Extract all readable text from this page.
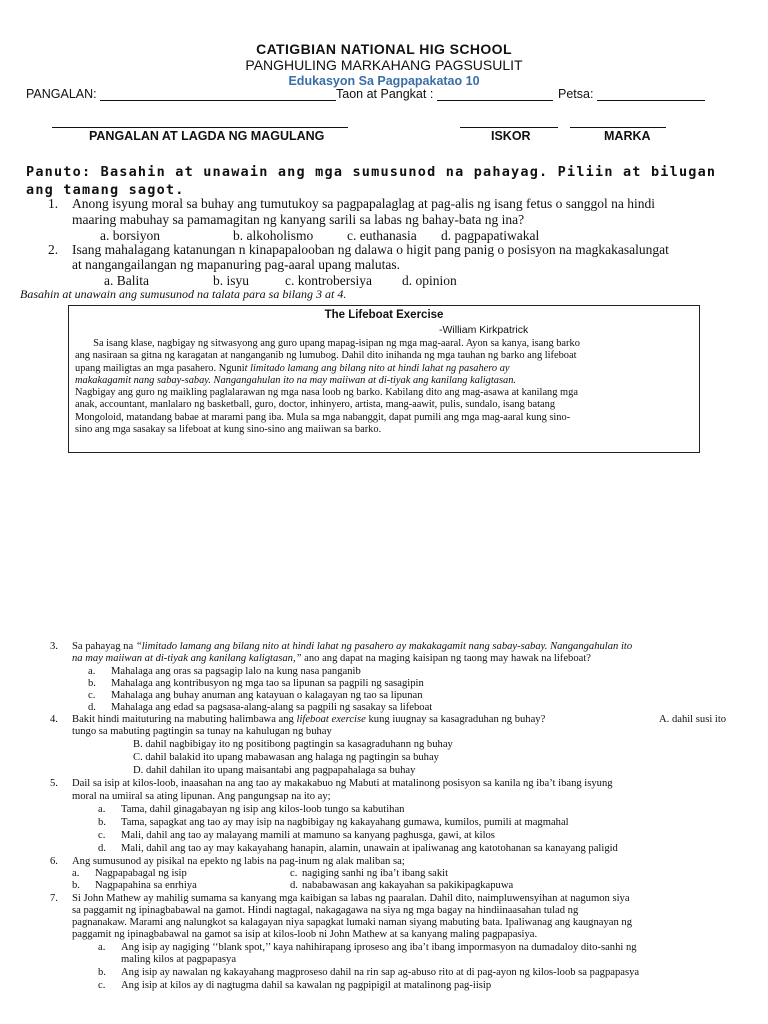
CATIGBIAN NATIONAL HIG SCHOOL
PANGHULING MARKAHANG PAGSUSULIT
Edukasyon Sa Pagpapakatao 10
PANGALAN:	Taon at Pangkat :	Petsa:
PANGALAN AT LAGDA NG MAGULANG	ISKOR	MARKA
Panuto: Basahin at unawain ang mga sumusunod na pahayag. Piliin at bilugan ang tamang sagot.
1. Anong isyung moral sa buhay ang tumutukoy sa pagpapalaglag at pag-alis ng isang fetus o sanggol na hindi
maaring mabuhay sa pamamagitan ng kanyang sarili sa labas ng bahay-bata ng ina?
a. borsiyon	b. alkoholismo	c. euthanasia d. pagpapatiwakal
2. Isang mahalagang katanungan n kinapapalooban ng dalawa o higit pang panig o posisyon na magkakasalungat
at nangangailangan ng mapanuring pag-aaral upang malutas.
a. Balita	b. isyu	c. kontrobersiya d. opinion
Basahin at unawain ang sumusunod na talata para sa bilang 3 at 4.
The Lifeboat Exercise
-William Kirkpatrick
Sa isang klase, nagbigay ng sitwasyong ang guro upang mapag-isipan ng mga mag-aaral. Ayon sa kanya, isang barko
ang nasiraan sa gitna ng karagatan at nanganganib ng lumubog. Dahil dito inihanda ng mga tauhan ng barko ang lifeboat
upang mailigtas an mga pasahero. Ngunit limitado lamang ang bilang nito at hindi lahat ng pasahero ay
makakagamit nang sabay-sabay. Nangangahulan ito na may maiiwan at di-tiyak ang kanilang kaligtasan.
Nagbigay ang guro ng maikling paglalarawan ng mga nasa loob ng barko. Kabilang dito ang mag-asawa at kanilang mga
anak, accountant, manlalaro ng basketball, guro, doctor, inhinyero, artista, mang-aawit, pulis, sundalo, isang batang
Mongoloid, matandang babae at marami pang iba. Mula sa mga nabanggit, dapat pumili ang mga mag-aaral kung sino-
sino ang mga sasakay sa lifeboat at kung sino-sino ang maiiwan sa barko.
3. Sa pahayag na “limitado lamang ang bilang nito at hindi lahat ng pasahero ay makakagamit nang sabay-sabay. Nangangahulan ito
na may maiiwan at di-tiyak ang kanilang kaligtasan,” ano ang dapat na maging kaisipan ng taong may hawak na lifeboat?
a. Mahalaga ang oras sa pagsagip lalo na kung nasa panganib
b. Mahalaga ang kontribusyon ng mga tao sa lipunan sa pagpili ng sasagipin
c. Mahalaga ang buhay anuman ang katayuan o kalagayan ng tao sa lipunan
d. Mahalaga ang edad sa pagsasa-alang-alang sa pagpili ng sasakay sa lifeboat
4. Bakit hindi maituturing na mabuting halimbawa ang lifeboat exercise kung iuugnay sa kasagraduhan ng buhay?	A. dahil susi ito
tungo sa mabuting pagtingin sa tunay na kahulugan ng buhay
B. dahil nagbibigay ito ng positibong pagtingin sa kasagraduhann ng buhay
C. dahil balakid ito upang mabawasan ang halaga ng pagtingin sa buhay
D. dahil dahilan ito upang maisantabi ang pagpapahalaga sa buhay
5. Dail sa isip at kilos-loob, inaasahan na ang tao ay makakabuo ng Mabuti at matalinong posisyon sa kanila ng iba’t ibang isyung
moral na umiiral sa ating lipunan. Ang pangungsap na ito ay;
a. Tama, dahil ginagabayan ng isip ang kilos-loob tungo sa kabutihan
b. Tama, sapagkat ang tao ay may isip na nagbibigay ng kakayahang gumawa, kumilos, pumili at magmahal
c. Mali, dahil ang tao ay malayang mamili at mamuno sa kanyang paghusga, gawi, at kilos
d. Mali, dahil ang tao ay may kakayahang hanapin, alamin, unawain at ipaliwanag ang katotohanan sa kanayang paligid
6. Ang sumusunod ay pisikal na epekto ng labis na pag-inum ng alak maliban sa;
a. Nagpapabagal ng isip	c. nagiging sanhi ng iba’t ibang sakit
b. Nagpapahina sa enrhiya	d. nababawasan ang kakayahan sa pakikipagkapuwa
7. Si John Mathew ay mahilig sumama sa kanyang mga kaibigan sa labas ng paaralan. Dahil dito, naimpluwensyihan at nagumon siya
sa paggamit ng ipinagbabawal na gamot. Hindi nagtagal, nakagagawa na siya ng mga bagay na hindiinaasahan tulad ng
pagnanakaw. Marami ang nalungkot sa kalagayan niya sapagkat lumaki naman siyang mabuting bata. Ipaliwanag ang kaugnayan ng
paggamit ng ipinagbabawal na gamot sa isip at kilos-loob ni John Mathew at sa kanyang maling pagpapasiya.
a. Ang isip ay nagiging ‘‘blank spot,’’ kaya nahihirapang iproseso ang iba’t ibang impormasyon na dumadaloy dito-sanhi ng
maling kilos at pagpapasya
b. Ang isip ay nawalan ng kakayahang magproseso dahil na rin sap ag-abuso rito at di pag-ayon ng kilos-loob sa pagpapasya
c. Ang isip at kilos ay di nagtugma dahil sa kawalan ng pagpipigil at matalinong pag-iisip
